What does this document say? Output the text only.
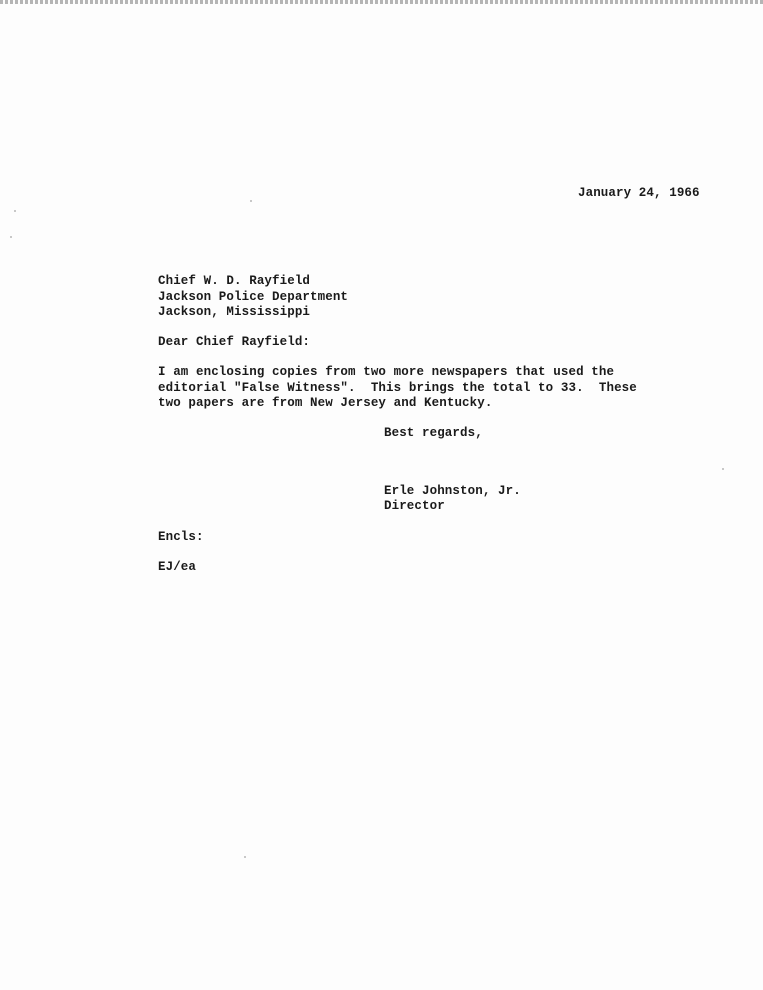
January 24, 1966
Chief W. D. Rayfield
Jackson Police Department
Jackson, Mississippi
Dear Chief Rayfield:
I am enclosing copies from two more newspapers that used the
editorial "False Witness".  This brings the total to 33.  These
two papers are from New Jersey and Kentucky.
Best regards,
Erle Johnston, Jr.
Director
Encls:
EJ/ea
